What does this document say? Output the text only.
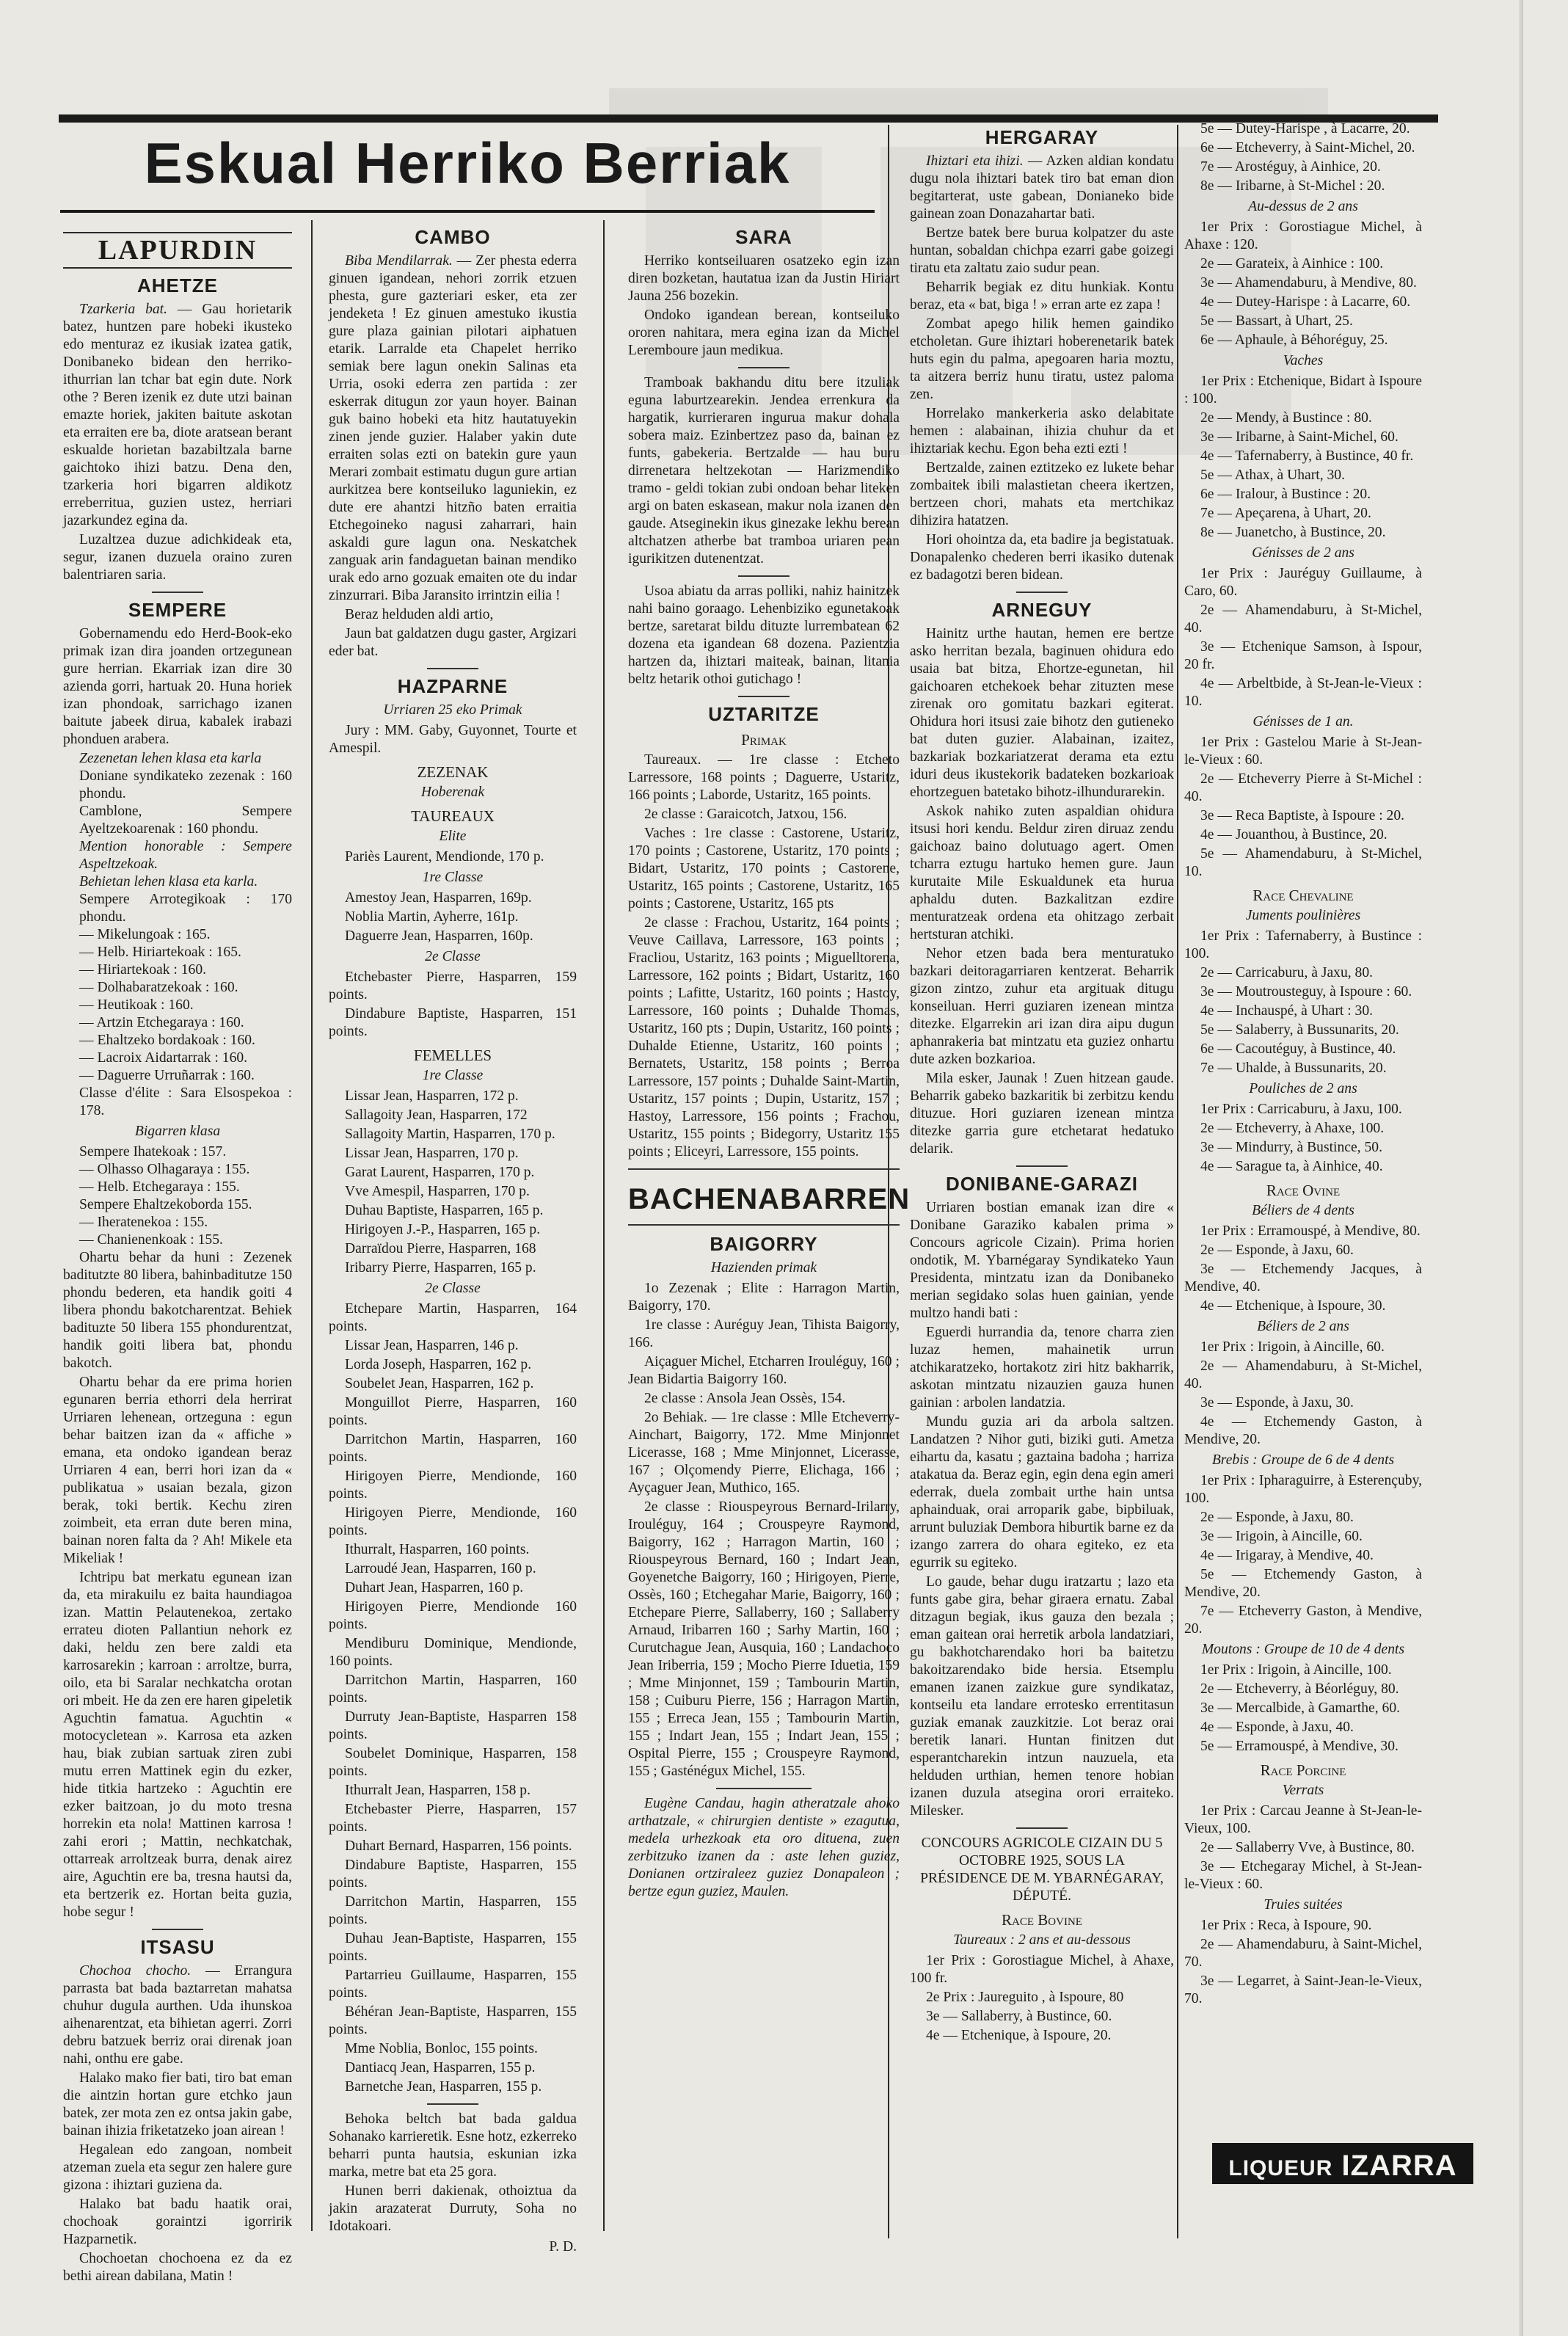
Eskual Herriko Berriak
LAPURDIN
AHETZE

Tzarkeria bat. — Gau horietarik batez, huntzen pare hobeki ikusteko edo menturaz ez ikusiak izatea gatik, Donibaneko bidean den herriko-ithurrian lan tchar bat egin dute. Nork othe ? Beren izenik ez dute utzi bainan emazte horiek, jakiten baitute askotan eta erraiten ere ba, diote aratsean berant eskualde horietan bazabiltzala barne gaichtoko ihizi batzu. Dena den, tzarkeria hori bigarren aldikotz erreberritua, guzien ustez, herriari jazarkundez egina da.

Luzaltzea duzue adichkideak eta, segur, izanen duzuela oraino zuren balentriaren saria.

SEMPERE

Gobernamendu edo Herd-Book-eko primak izan dira joanden ortzegunean gure herrian. Ekarriak izan dire 30 azienda gorri, hartuak 20. Huna horiek izan phondoak, sarrichago izanen baitute jabeek dirua, kabalek irabazi phonduen arabera.

Zezenetan lehen klasa eta karla
Doniane syndikateko zezenak : 160 phondu.
Camblone, Sempere Ayeltzekoarenak : 160 phondu.
Mention honorable : Sempere Aspeltzekoak.
Behietan lehen klasa eta karla.
Sempere Arrotegikoak : 170 phondu.
— Mikelungoak : 165.
— Helb. Hiriartekoak : 165.
— Hiriartekoak : 160.
— Dolhabaratzekoak : 160.
— Heutikoak : 160.
— Artzin Etchegaraya : 160.
— Ehaltzeko bordakoak : 160.
— Lacroix Aidartarrak : 160.
— Daguerre Urruñarrak : 160.
Classe d'élite : Sara Elsospekoa : 178.
Bigarren klasa
Sempere Ihatekoak : 157.
— Olhasso Olhagaraya : 155.
— Helb. Etchegaraya : 155.
Sempere Ehaltzekoborda 155.
— Iheratenekoa : 155.
— Chanienenkoak : 155.

Ohartu behar da huni : Zezenek baditutzte 80 libera, bahinbaditutze 150 phondu bederen, eta handik goiti 4 libera phondu bakotcharentzat. Behiek badituzte 50 libera 155 phondurentzat, handik goiti libera bat, phondu bakotch.

Ohartu behar da ere prima horien egunaren berria ethorri dela herrirat Urriaren lehenean, ortzeguna : egun behar baitzen izan da « affiche » emana, eta ondoko igandean beraz Urriaren 4 ean, berri hori izan da « publikatua » usaian bezala, gizon berak, toki bertik. Kechu ziren zoimbeit, eta erran dute beren mina, bainan noren falta da ? Ah! Mikele eta Mikeliak !

Ichtripu bat merkatu egunean izan da, eta mirakuilu ez baita haundiagoa izan. Mattin Pelautenekoa, zertako errateu dioten Pallantiun nehork ez daki, heldu zen bere zaldi eta karrosarekin ; karroan : arroltze, burra, oilo, eta bi Saralar nechkatcha orotan ori mbeit. He da zen ere haren gipeletik Aguchtin famatua. Aguchtin « motocycletean ». Karrosa eta azken hau, biak zubian sartuak ziren zubi mutu erren Mattinek egin du ezker, hide titkia hartzeko : Aguchtin ere ezker baitzoan, jo du moto tresna horrekin eta nola! Mattinen karrosa ! zahi erori ; Mattin, nechkatchak, ottarreak arroltzeak burra, denak airez aire, Aguchtin ere ba, tresna hautsi da, eta bertzerik ez. Hortan beita guzia, hobe segur !

ITSASU

Chochoa chocho. — Errangura parrasta bat bada baztarretan mahatsa chuhur dugula aurthen. Uda ihunskoa aihenarentzat, eta bihietan agerri. Zorri debru batzuek berriz orai direnak joan nahi, onthu ere gabe.

Halako mako fier bati, tiro bat eman die aintzin hortan gure etchko jaun batek, zer mota zen ez ontsa jakin gabe, bainan ihizia friketatzeko joan airean !

Hegalean edo zangoan, nombeit atzeman zuela eta segur zen halere gure gizona : ihiztari guziena da.

Halako bat badu haatik orai, chochoak goraintzi igorririk Hazparnetik.

Chochoetan chochoena ez da ez bethi airean dabilana, Matin !

CAMBO

Biba Mendilarrak. — Zer phesta ederra ginuen igandean, nehori zorrik etzuen phesta, gure gazteriari esker, eta zer jendeketa ! Ez ginuen amestuko ikustia gure plaza gainian pilotari aiphatuen etarik. Larralde eta Chapelet herriko semiak bere lagun onekin Salinas eta Urria, osoki ederra zen partida : zer eskerrak ditugun zor yaun hoyer. Bainan guk baino hobeki eta hitz hautatuyekin zinen jende guzier. Halaber yakin dute erraiten solas ezti on batekin gure yaun Merari zombait estimatu dugun gure artian aurkitzea bere kontseiluko laguniekin, ez dute ere ahantzi hitzño baten erraitia Etchegoineko nagusi zaharrari, hain askaldi gure lagun ona. Neskatchek zanguak arin fandaguetan bainan mendiko urak edo arno gozuak emaiten ote du indar zinzurrari. Biba Jaransito irrintzin eilia !

Beraz helduden aldi artio,

Jaun bat galdatzen dugu gaster, Argizari eder bat.

HAZPARNE
Urriaren 25 eko Primak

Jury : MM. Gaby, Guyonnet, Tourte et Amespil.

ZEZENAK
Hoberenak
TAUREAUX
Elite

Pariès Laurent, Mendionde, 170 p.

1re Classe

Amestoy Jean, Hasparren, 169p.

Noblia Martin, Ayherre, 161p.

Daguerre Jean, Hasparren, 160p.

2e Classe

Etchebaster Pierre, Hasparren, 159 points.

Dindabure Baptiste, Hasparren, 151 points.

FEMELLES
1re Classe

Lissar Jean, Hasparren, 172 p.

Sallagoity Jean, Hasparren, 172

Sallagoity Martin, Hasparren, 170 p.

Lissar Jean, Hasparren, 170 p.

Garat Laurent, Hasparren, 170 p.

Vve Amespil, Hasparren, 170 p.

Duhau Baptiste, Hasparren, 165 p.

Hirigoyen J.-P., Hasparren, 165 p.

Darraïdou Pierre, Hasparren, 168

Iribarry Pierre, Hasparren, 165 p.

2e Classe

Etchepare Martin, Hasparren, 164 points.

Lissar Jean, Hasparren, 146 p.

Lorda Joseph, Hasparren, 162 p.

Soubelet Jean, Hasparren, 162 p.

Monguillot Pierre, Hasparren, 160 points.

Darritchon Martin, Hasparren, 160 points.

Hirigoyen Pierre, Mendionde, 160 points.

Hirigoyen Pierre, Mendionde, 160 points.

Ithurralt, Hasparren, 160 points.

Larroudé Jean, Hasparren, 160 p.

Duhart Jean, Hasparren, 160 p.

Hirigoyen Pierre, Mendionde 160 points.

Mendiburu Dominique, Mendionde, 160 points.

Darritchon Martin, Hasparren, 160 points.

Durruty Jean-Baptiste, Hasparren 158 points.

Soubelet Dominique, Hasparren, 158 points.

Ithurralt Jean, Hasparren, 158 p.

Etchebaster Pierre, Hasparren, 157 points.

Duhart Bernard, Hasparren, 156 points.

Dindabure Baptiste, Hasparren, 155 points.

Darritchon Martin, Hasparren, 155 points.

Duhau Jean-Baptiste, Hasparren, 155 points.

Partarrieu Guillaume, Hasparren, 155 points.

Béhéran Jean-Baptiste, Hasparren, 155 points.

Mme Noblia, Bonloc, 155 points.

Dantiacq Jean, Hasparren, 155 p.

Barnetche Jean, Hasparren, 155 p.

Behoka beltch bat bada galdua Sohanako karrieretik. Esne hotz, ezkerreko beharri punta hautsia, eskunian izka marka, metre bat eta 25 gora.

Hunen berri dakienak, othoiztua da jakin arazaterat Durruty, Soha no Idotakoari.

P. D.
SARA

Herriko kontseiluaren osatzeko egin izan diren bozketan, hautatua izan da Justin Hiriart Jauna 256 bozekin.

Ondoko igandean berean, kontseiluko ororen nahitara, mera egina izan da Michel Leremboure jaun medikua.

Tramboak bakhandu ditu bere itzuliak eguna laburtzearekin. Jendea errenkura da hargatik, kurrieraren ingurua makur dohala sobera maiz. Ezinbertzez paso da, bainan ez funts, gabekeria. Bertzalde — hau buru dirrenetara heltzekotan — Harizmendiko tramo - geldi tokian zubi ondoan behar liteken argi on baten eskasean, makur nola izanen den gaude. Atseginekin ikus ginezake lekhu berean altchatzen atherbe bat tramboa uriaren pean igurikitzen dutenentzat.

Usoa abiatu da arras polliki, nahiz hainitzek nahi baino goraago. Lehenbiziko egunetakoak bertze, saretarat bildu dituzte lurrembatean 62 dozena eta igandean 68 dozena. Pazientzia hartzen da, ihiztari maiteak, bainan, litania beltz hetarik othoi gutichago !

UZTARITZE
Primak

Taureaux. — 1re classe : Etcheto Larressore, 168 points ; Daguerre, Ustaritz, 166 points ; Laborde, Ustaritz, 165 points.

2e classe : Garaicotch, Jatxou, 156.

Vaches : 1re classe : Castorene, Ustaritz, 170 points ; Castorene, Ustaritz, 170 points ; Bidart, Ustaritz, 170 points ; Castorene, Ustaritz, 165 points ; Castorene, Ustaritz, 165 points ; Castorene, Ustaritz, 165 pts

2e classe : Frachou, Ustaritz, 164 points ; Veuve Caillava, Larressore, 163 points ; Fracliou, Ustaritz, 163 points ; Miguelltorena, Larressore, 162 points ; Bidart, Ustaritz, 160 points ; Lafitte, Ustaritz, 160 points ; Hastoy, Larressore, 160 points ; Duhalde Thomas, Ustaritz, 160 pts ; Dupin, Ustaritz, 160 points ; Duhalde Etienne, Ustaritz, 160 points ; Bernatets, Ustaritz, 158 points ; Berroa Larressore, 157 points ; Duhalde Saint-Martin, Ustaritz, 157 points ; Dupin, Ustaritz, 157 ; Hastoy, Larressore, 156 points ; Frachou, Ustaritz, 155 points ; Bidegorry, Ustaritz 155 points ; Eliceyri, Larressore, 155 points.

BACHENABARREN
BAIGORRY
Hazienden primak

1o Zezenak ; Elite : Harragon Martin, Baigorry, 170.

1re classe : Auréguy Jean, Tihista Baigorry, 166.

Aiçaguer Michel, Etcharren Irouléguy, 160 ; Jean Bidartia Baigorry 160.

2e classe : Ansola Jean Ossès, 154.

2o Behiak. — 1re classe : Mlle Etcheverry-Ainchart, Baigorry, 172. Mme Minjonnet Licerasse, 168 ; Mme Minjonnet, Licerasse, 167 ; Olçomendy Pierre, Elichaga, 166 ; Ayçaguer Jean, Muthico, 165.

2e classe : Riouspeyrous Bernard-Irilarry, Irouléguy, 164 ; Crouspeyre Raymond, Baigorry, 162 ; Harragon Martin, 160 ; Riouspeyrous Bernard, 160 ; Indart Jean, Goyenetche Baigorry, 160 ; Hirigoyen, Pierre, Ossès, 160 ; Etchegahar Marie, Baigorry, 160 ; Etchepare Pierre, Sallaberry, 160 ; Sallaberry Arnaud, Iribarren 160 ; Sarhy Martin, 160 ; Curutchague Jean, Ausquia, 160 ; Landachoco Jean Iriberria, 159 ; Mocho Pierre Iduetia, 159 ; Mme Minjonnet, 159 ; Tambourin Martin, 158 ; Cuiburu Pierre, 156 ; Harragon Martin, 155 ; Erreca Jean, 155 ; Tambourin Martin, 155 ; Indart Jean, 155 ; Indart Jean, 155 ; Ospital Pierre, 155 ; Crouspeyre Raymond, 155 ; Gasténégux Michel, 155.

Eugène Candau, hagin atheratzale ahoko arthatzale, « chirurgien dentiste » ezagutua, medela urhezkoak eta oro dituena, zuen zerbitzuko izanen da : aste lehen guziez, Donianen ortziraleez guziez Donapaleon ; bertze egun guziez, Maulen.

HERGARAY

Ihiztari eta ihizi. — Azken aldian kondatu dugu nola ihiztari batek tiro bat eman dion begitarterat, uste gabean, Donianeko bide gainean zoan Donazahartar bati.

Bertze batek bere burua kolpatzer du aste huntan, sobaldan chichpa ezarri gabe goizegi tiratu eta zaltatu zaio sudur pean.

Beharrik begiak ez ditu hunkiak. Kontu beraz, eta « bat, biga ! » erran arte ez zapa !

Zombat apego hilik hemen gaindiko etcholetan. Gure ihiztari hoberenetarik batek huts egin du palma, apegoaren haria moztu, ta aitzera berriz hunu tiratu, ustez paloma zen.

Horrelako mankerkeria asko delabitate hemen : alabainan, ihizia chuhur da et ihiztariak kechu. Egon beha ezti ezti !

Bertzalde, zainen eztitzeko ez lukete behar zombaitek ibili malastietan cheera ikertzen, bertzeen chori, mahats eta mertchikaz dihizira hatatzen.

Hori ohointza da, eta badire ja begistatuak. Donapalenko chederen berri ikasiko dutenak ez badagotzi beren bidean.

ARNEGUY

Hainitz urthe hautan, hemen ere bertze asko herritan bezala, baginuen ohidura edo usaia bat bitza, Ehortze-egunetan, hil gaichoaren etchekoek behar zituzten mese zirenak oro gomitatu bazkari egiterat. Ohidura hori itsusi zaie bihotz den gutieneko bat duten guzier. Alabainan, izaitez, bazkariak bozkariatzerat derama eta eztu iduri deus ikustekorik badateken bozkarioak ehortzeguen batetako bihotz-ilhundurarekin.

Askok nahiko zuten aspaldian ohidura itsusi hori kendu. Beldur ziren diruaz zendu gaichoaz baino dolutuago agert. Omen tcharra eztugu hartuko hemen gure. Jaun kurutaite Mile Eskualdunek eta hurua aphaldu duten. Bazkalitzan ezdire menturatzeak ordena eta ohitzago zerbait hertsturan atchiki.

Nehor etzen bada bera menturatuko bazkari deitoragarriaren kentzerat. Beharrik gizon zintzo, zuhur eta argituak ditugu konseiluan. Herri guziaren izenean mintza ditezke. Elgarrekin ari izan dira aipu dugun aphanrakeria bat mintzatu eta guziez onhartu dute azken bozkarioa.

Mila esker, Jaunak ! Zuen hitzean gaude. Beharrik gabeko bazkaritik bi zerbitzu kendu dituzue. Hori guziaren izenean mintza ditezke garria gure etchetarat hedatuko delarik.

DONIBANE-GARAZI

Urriaren bostian emanak izan dire « Donibane Garaziko kabalen prima » Concours agricole Cizain). Prima horien ondotik, M. Ybarnégaray Syndikateko Yaun Presidenta, mintzatu izan da Donibaneko merian segidako solas huen gainian, yende multzo handi bati :

Eguerdi hurrandia da, tenore charra zien luzaz hemen, mahainetik urrun atchikaratzeko, hortakotz ziri hitz bakharrik, askotan mintzatu nizauzien gauza hunen gainian : arbolen landatzia.

Mundu guzia ari da arbola saltzen. Landatzen ? Nihor guti, biziki guti. Ametza eihartu da, kasatu ; gaztaina badoha ; harriza atakatua da. Beraz egin, egin dena egin ameri ederrak, duela zombait urthe hain untsa aphainduak, orai arroparik gabe, bipbiluak, arrunt buluziak Dembora hiburtik barne ez da izango zarrera do ohara egiteko, ez eta egurrik su egiteko.

Lo gaude, behar dugu iratzartu ; lazo eta funts gabe gira, behar giraera ernatu. Zabal ditzagun begiak, ikus gauza den bezala ; eman gaitean orai herretik arbola landatziari, gu bakhotcharendako hori ba baitetzu bakoitzarendako bide hersia. Etsemplu emanen izanen zaizkue gure syndikataz, kontseilu eta landare errotesko errentitasun guziak emanak zauzkitzie. Lot beraz orai beretik lanari. Huntan finitzen dut esperantcharekin intzun nauzuela, eta helduden urthian, hemen tenore hobian izanen duzula atsegina orori erraiteko. Milesker.

CONCOURS AGRICOLE CIZAIN DU 5 OCTOBRE 1925, SOUS LA PRÉSIDENCE DE M. YBARNÉGARAY, DÉPUTÉ.
Race Bovine
Taureaux : 2 ans et au-dessous

1er Prix : Gorostiague Michel, à Ahaxe, 100 fr.

2e Prix : Jaureguito , à Ispoure, 80

3e — Sallaberry, à Bustince, 60.

4e — Etchenique, à Ispoure, 20.

5e — Dutey-Harispe , à Lacarre, 20.

6e — Etcheverry, à Saint-Michel, 20.

7e — Arostéguy, à Ainhice, 20.

8e — Iribarne, à St-Michel : 20.

Au-dessus de 2 ans

1er Prix : Gorostiague Michel, à Ahaxe : 120.

2e — Garateix, à Ainhice : 100.

3e — Ahamendaburu, à Mendive, 80.

4e — Dutey-Harispe : à Lacarre, 60.

5e — Bassart, à Uhart, 25.

6e — Aphaule, à Béhoréguy, 25.

Vaches

1er Prix : Etchenique, Bidart à Ispoure : 100.

2e — Mendy, à Bustince : 80.

3e — Iribarne, à Saint-Michel, 60.

4e — Tafernaberry, à Bustince, 40 fr.

5e — Athax, à Uhart, 30.

6e — Iralour, à Bustince : 20.

7e — Apeçarena, à Uhart, 20.

8e — Juanetcho, à Bustince, 20.

Génisses de 2 ans

1er Prix : Jauréguy Guillaume, à Caro, 60.

2e — Ahamendaburu, à St-Michel, 40.

3e — Etchenique Samson, à Ispour, 20 fr.

4e — Arbeltbide, à St-Jean-le-Vieux : 10.

Génisses de 1 an.

1er Prix : Gastelou Marie à St-Jean-le-Vieux : 60.

2e — Etcheverry Pierre à St-Michel : 40.

3e — Reca Baptiste, à Ispoure : 20.

4e — Jouanthou, à Bustince, 20.

5e — Ahamendaburu, à St-Michel, 10.

Race Chevaline
Juments poulinières

1er Prix : Tafernaberry, à Bustince : 100.

2e — Carricaburu, à Jaxu, 80.

3e — Moutrousteguy, à Ispoure : 60.

4e — Inchauspé, à Uhart : 30.

5e — Salaberry, à Bussunarits, 20.

6e — Cacoutéguy, à Bustince, 40.

7e — Uhalde, à Bussunarits, 20.

Pouliches de 2 ans

1er Prix : Carricaburu, à Jaxu, 100.

2e — Etcheverry, à Ahaxe, 100.

3e — Mindurry, à Bustince, 50.

4e — Sarague ta, à Ainhice, 40.

Race Ovine
Béliers de 4 dents

1er Prix : Erramouspé, à Mendive, 80.

2e — Esponde, à Jaxu, 60.

3e — Etchemendy Jacques, à Mendive, 40.

4e — Etchenique, à Ispoure, 30.

Béliers de 2 ans

1er Prix : Irigoin, à Aincille, 60.

2e — Ahamendaburu, à St-Michel, 40.

3e — Esponde, à Jaxu, 30.

4e — Etchemendy Gaston, à Mendive, 20.

Brebis : Groupe de 6 de 4 dents

1er Prix : Ipharaguirre, à Esterençuby, 100.

2e — Esponde, à Jaxu, 80.

3e — Irigoin, à Aincille, 60.

4e — Irigaray, à Mendive, 40.

5e — Etchemendy Gaston, à Mendive, 20.

7e — Etcheverry Gaston, à Mendive, 20.

Moutons : Groupe de 10 de 4 dents

1er Prix : Irigoin, à Aincille, 100.

2e — Etcheverry, à Béorléguy, 80.

3e — Mercalbide, à Gamarthe, 60.

4e — Esponde, à Jaxu, 40.

5e — Erramouspé, à Mendive, 30.

Race Porcine
Verrats

1er Prix : Carcau Jeanne à St-Jean-le-Vieux, 100.

2e — Sallaberry Vve, à Bustince, 80.

3e — Etchegaray Michel, à St-Jean-le-Vieux : 60.

Truies suitées

1er Prix : Reca, à Ispoure, 90.

2e — Ahamendaburu, à Saint-Michel, 70.

3e — Legarret, à Saint-Jean-le-Vieux, 70.

LIQUEUR IZARRA
